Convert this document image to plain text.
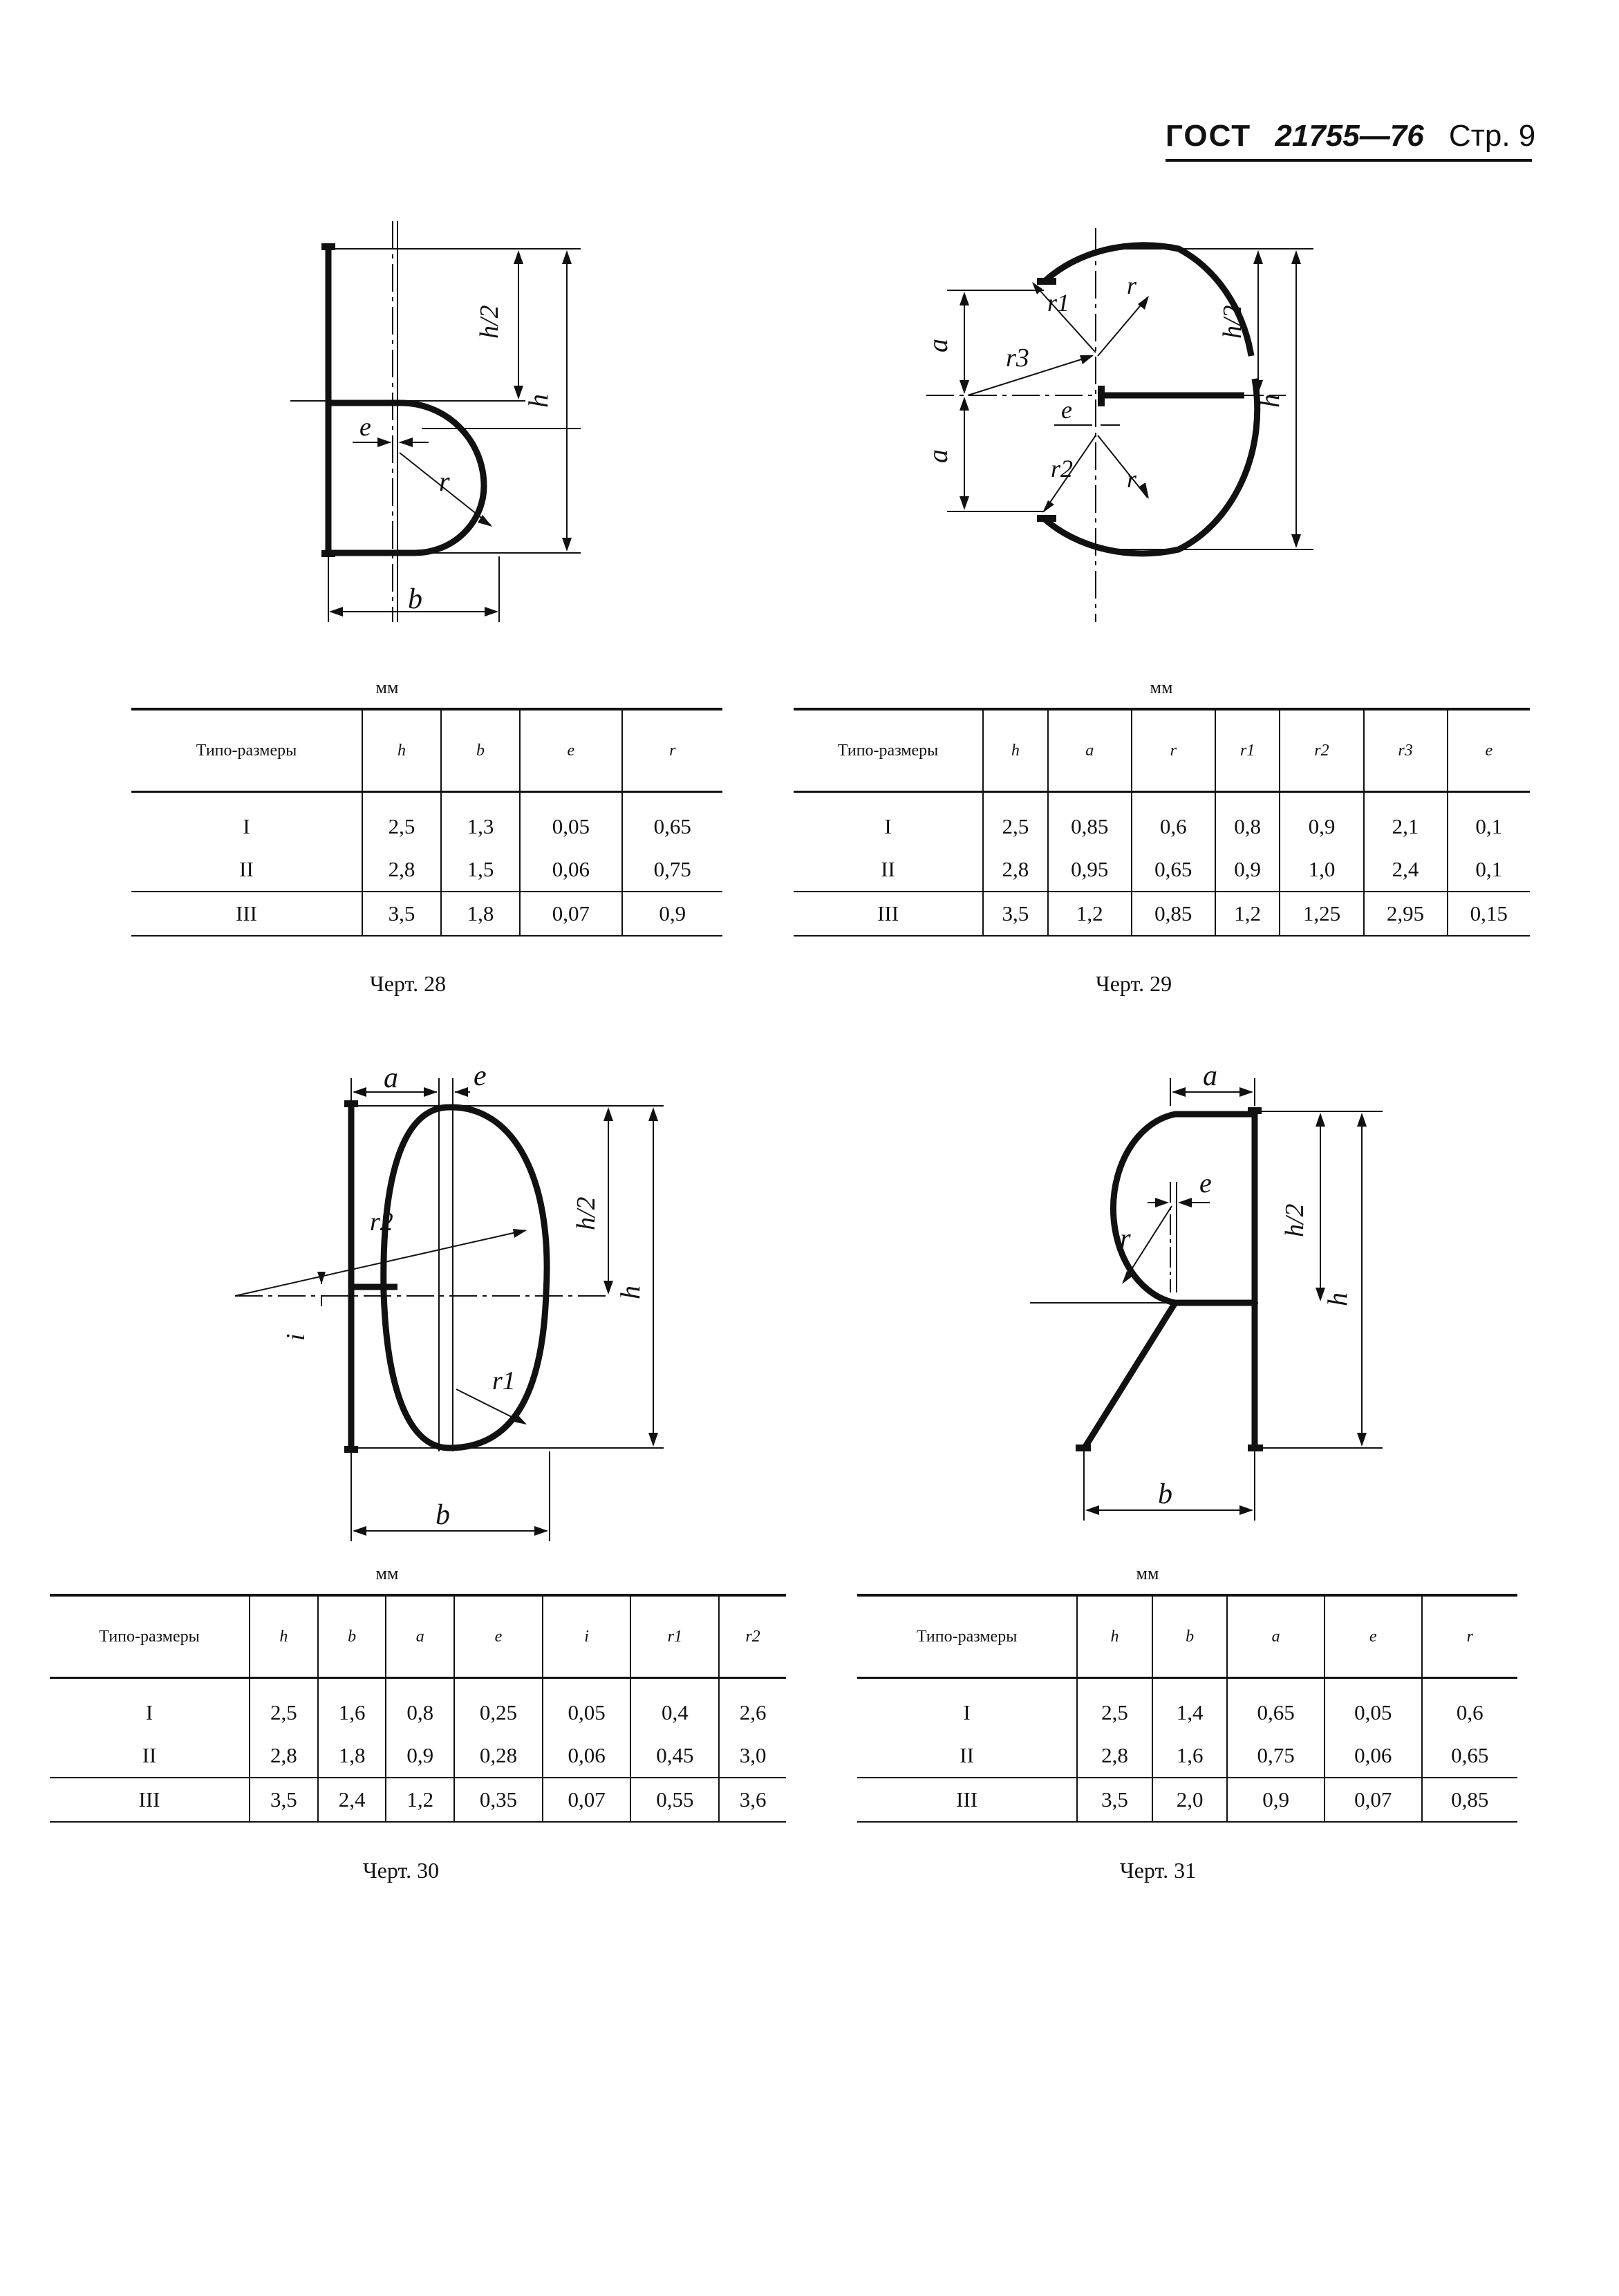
ГОСТ 21755—76 Стр. 9
e
r
b
h/2
h
мм
Типо-размеры	h	b	e	r
I	2,5	1,3	0,05	0,65
II	2,8	1,5	0,06	0,75
III	3,5	1,8	0,07	0,9
Черт. 28
a
a
r3
r1
r
r2 r
e
h/2
h
мм
Типо-размеры	h	a	r	r1	r2	r3	e
I	2,5	0,85	0,6	0,8	0,9	2,1	0,1
II	2,8	0,95	0,65	0,9	1,0	2,4	0,1
III	3,5	1,2	0,85	1,2	1,25	2,95	0,15
Черт. 29
a	e
r2
r1
i
b
h/2
h
мм
Типо-размеры	h	b	a	e	i	r1	r2
I	2,5	1,6	0,8	0,25	0,05	0,4	2,6
II	2,8	1,8	0,9	0,28	0,06	0,45	3,0
III	3,5	2,4	1,2	0,35	0,07	0,55	3,6
Черт. 30
a
e
r
b
h/2
h
мм
Типо-размеры	h	b	a	e	r
I	2,5	1,4	0,65	0,05	0,6
II	2,8	1,6	0,75	0,06	0,65
III	3,5	2,0	0,9	0,07	0,85
Черт. 31
